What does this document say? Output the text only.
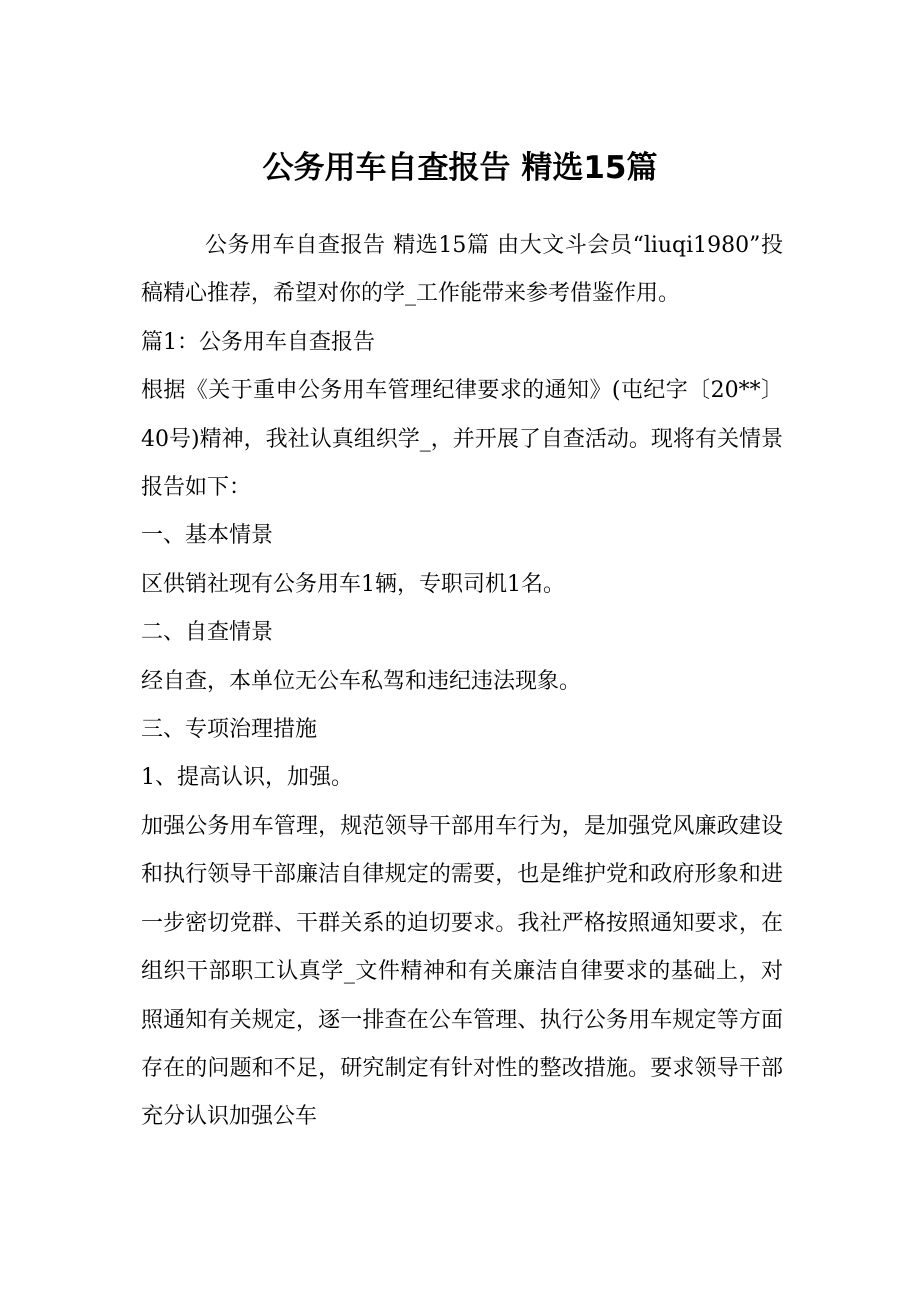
公务用车自查报告 精选15篇

公务用车自查报告 精选15篇 由大文斗会员“liuqi1980”投稿精心推荐，希望对你的学_工作能带来参考借鉴作用。

篇1：公务用车自查报告

根据《关于重申公务用车管理纪律要求的通知》(屯纪字〔20**〕40号)精神，我社认真组织学_，并开展了自查活动。现将有关情景报告如下：

一、基本情景

区供销社现有公务用车1辆，专职司机1名。

二、自查情景

经自查，本单位无公车私驾和违纪违法现象。

三、专项治理措施

1、提高认识，加强。

加强公务用车管理，规范领导干部用车行为，是加强党风廉政建设和执行领导干部廉洁自律规定的需要，也是维护党和政府形象和进一步密切党群、干群关系的迫切要求。我社严格按照通知要求，在组织干部职工认真学_文件精神和有关廉洁自律要求的基础上，对照通知有关规定，逐一排查在公车管理、执行公务用车规定等方面存在的问题和不足，研究制定有针对性的整改措施。要求领导干部充分认识加强公车
